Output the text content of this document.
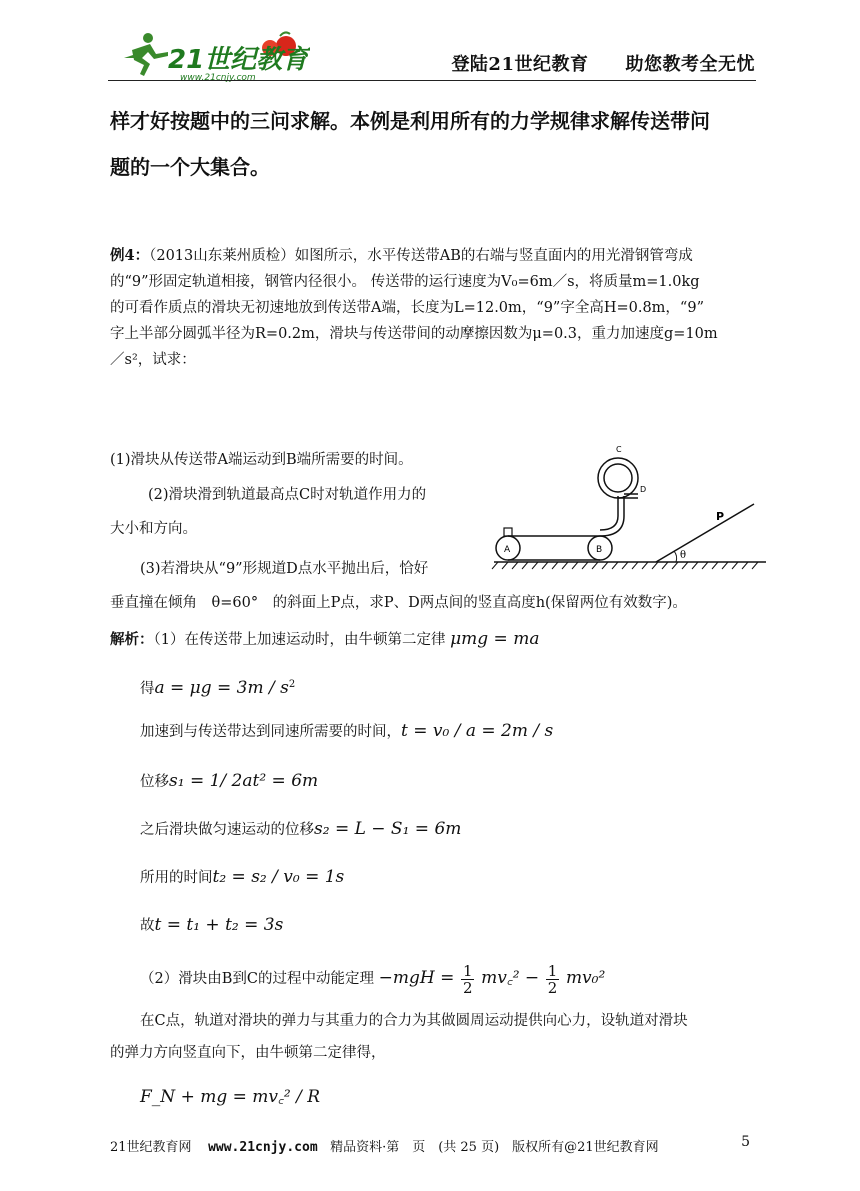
21世纪教育
www.21cnjy.com
登陆21世纪教育　　助您教考全无忧
样才好按题中的三问求解。本例是利用所有的力学规律求解传送带问
题的一个大集合。
例4：（2013山东莱州质检）如图所示，水平传送带AB的右端与竖直面内的用光滑钢管弯成
的“9”形固定轨道相接，钢管内径很小。 传送带的运行速度为V₀=6m／s，将质量m=1.0kg
的可看作质点的滑块无初速地放到传送带A端，长度为L=12.0m，“9”字全高H=0.8m，“9”
字上半部分圆弧半径为R=0.2m，滑块与传送带间的动摩擦因数为μ=0.3，重力加速度g=10m
／s²，试求：
(1)滑块从传送带A端运动到B端所需要的时间。
(2)滑块滑到轨道最高点C时对轨道作用力的
大小和方向。
(3)若滑块从“9”形规道D点水平抛出后，恰好
垂直撞在倾角　θ=60°　的斜面上P点，求P、D两点间的竖直高度h(保留两位有效数字)。
A	B
C
D
θ
P
解析：（1）在传送带上加速运动时，由牛顿第二定律 μmg = ma
得$a = \mu g = 3m / s^2$
加速到与传送带达到同速所需要的时间，t = v₀ / a = 2m / s
位移s₁ = 1/ 2at² = 6m
之后滑块做匀速运动的位移s₂ = L − S₁ = 6m
所用的时间t₂ = s₂ / v₀ = 1s
故t = t₁ + t₂ = 3s
（2）滑块由B到C的过程中动能定理 $-mgH = \frac{1}{2}$ mv꜀² − $\frac{1}{2} mv_0^2$
在C点，轨道对滑块的弹力与其重力的合力为其做圆周运动提供向心力，设轨道对滑块
的弹力方向竖直向下，由牛顿第二定律得，
F_N + mg = mv꜀² / R
21世纪教育网 www.21cnjy.com 精品资料·第　页　(共 25 页)　版权所有@21世纪教育网	5
